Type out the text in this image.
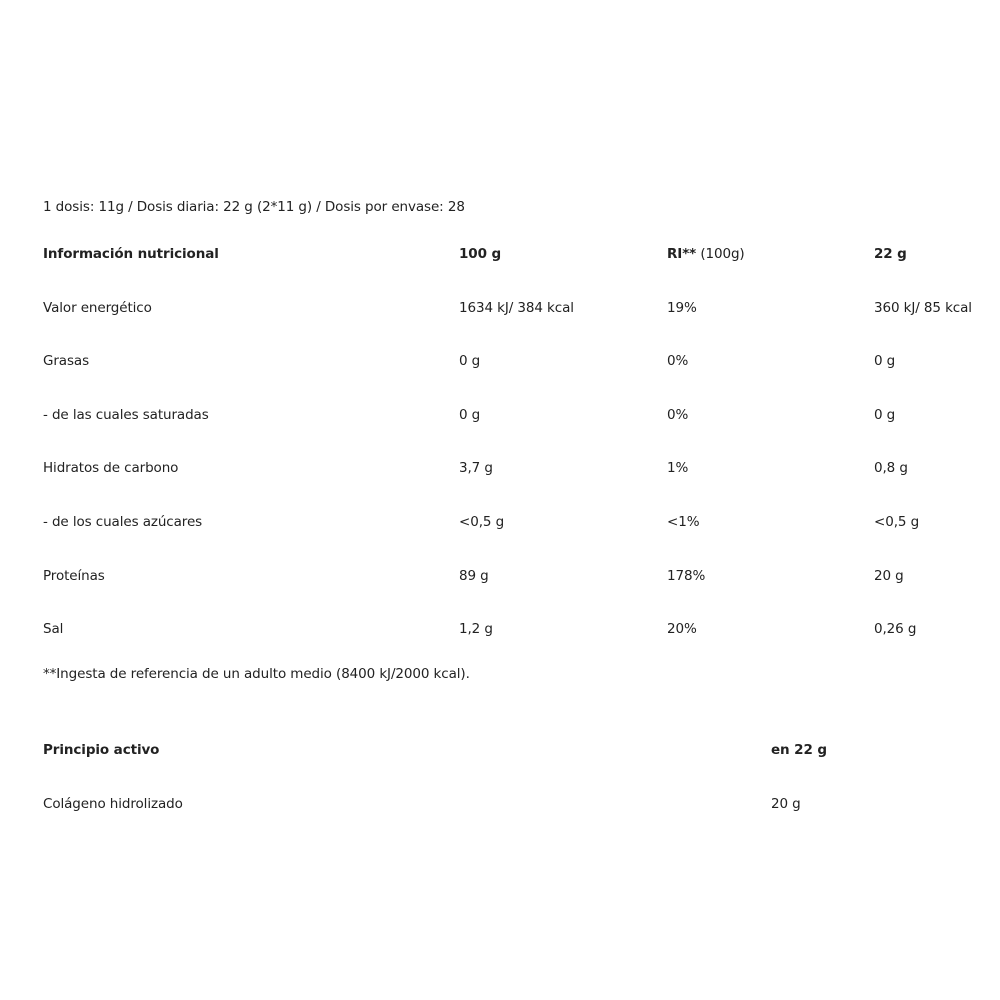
1 dosis: 11g / Dosis diaria: 22 g (2*11 g) / Dosis por envase: 28
Información nutricional	100 g	RI** (100g)	22 g
Valor energético	1634 kJ/ 384 kcal	19%	360 kJ/ 85 kcal
Grasas	0 g	0%	0 g
- de las cuales saturadas	0 g	0%	0 g
Hidratos de carbono	3,7 g	1%	0,8 g
- de los cuales azúcares	<0,5 g	<1%	<0,5 g
Proteínas	89 g	178%	20 g
Sal	1,2 g	20%	0,26 g
**Ingesta de referencia de un adulto medio (8400 kJ/2000 kcal).
Principio activo	en 22 g
Colágeno hidrolizado	20 g
